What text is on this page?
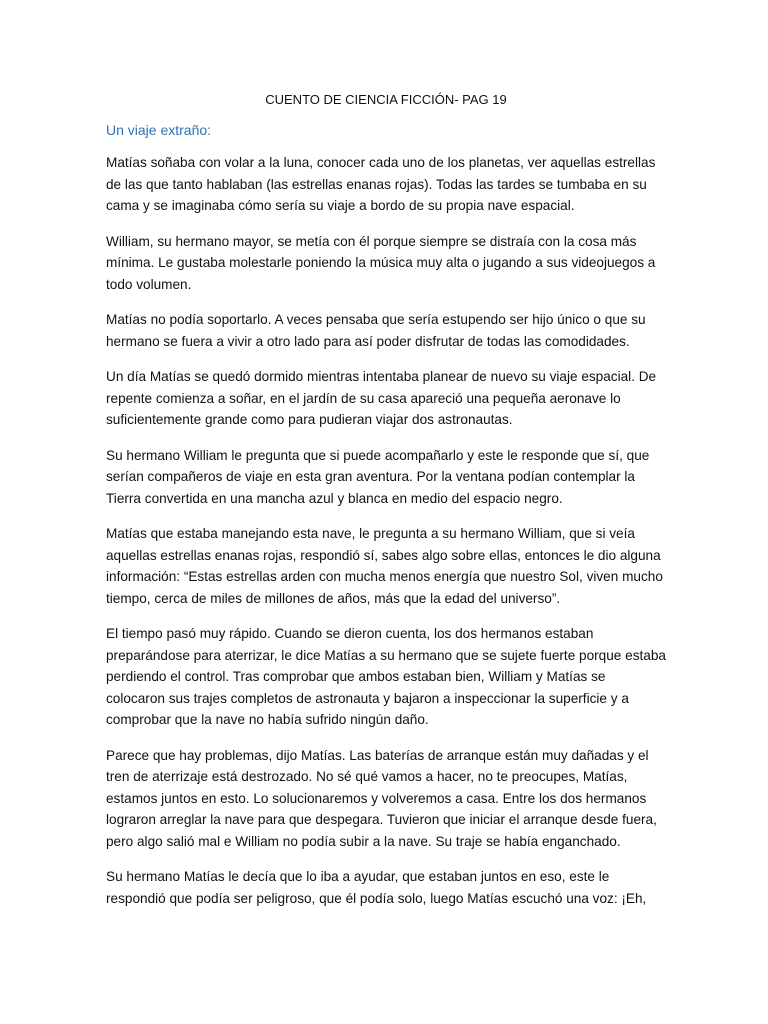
CUENTO DE CIENCIA FICCIÓN- PAG 19

Un viaje extraño:

Matías soñaba con volar a la luna, conocer cada uno de los planetas, ver aquellas estrellas de las que tanto hablaban (las estrellas enanas rojas). Todas las tardes se tumbaba en su cama y se imaginaba cómo sería su viaje a bordo de su propia nave espacial.

William, su hermano mayor, se metía con él porque siempre se distraía con la cosa más mínima. Le gustaba molestarle poniendo la música muy alta o jugando a sus videojuegos a todo volumen.

Matías no podía soportarlo. A veces pensaba que sería estupendo ser hijo único o que su hermano se fuera a vivir a otro lado para así poder disfrutar de todas las comodidades.

Un día Matías se quedó dormido mientras intentaba planear de nuevo su viaje espacial. De repente comienza a soñar, en el jardín de su casa apareció una pequeña aeronave lo suficientemente grande como para pudieran viajar dos astronautas.

Su hermano William le pregunta que si puede acompañarlo y este le responde que sí, que serían compañeros de viaje en esta gran aventura. Por la ventana podían contemplar la Tierra convertida en una mancha azul y blanca en medio del espacio negro.

Matías que estaba manejando esta nave, le pregunta a su hermano William, que si veía aquellas estrellas enanas rojas, respondió sí, sabes algo sobre ellas, entonces le dio alguna información: “Estas estrellas arden con mucha menos energía que nuestro Sol, viven mucho tiempo, cerca de miles de millones de años, más que la edad del universo”.

El tiempo pasó muy rápido. Cuando se dieron cuenta, los dos hermanos estaban preparándose para aterrizar, le dice Matías a su hermano que se sujete fuerte porque estaba perdiendo el control. Tras comprobar que ambos estaban bien, William y Matías se colocaron sus trajes completos de astronauta y bajaron a inspeccionar la superficie y a comprobar que la nave no había sufrido ningún daño.

Parece que hay problemas, dijo Matías. Las baterías de arranque están muy dañadas y el tren de aterrizaje está destrozado. No sé qué vamos a hacer, no te preocupes, Matías, estamos juntos en esto. Lo solucionaremos y volveremos a casa. Entre los dos hermanos lograron arreglar la nave para que despegara. Tuvieron que iniciar el arranque desde fuera, pero algo salió mal e William no podía subir a la nave. Su traje se había enganchado.

Su hermano Matías le decía que lo iba a ayudar, que estaban juntos en eso, este le respondió que podía ser peligroso, que él podía solo, luego Matías escuchó una voz: ¡Eh,
